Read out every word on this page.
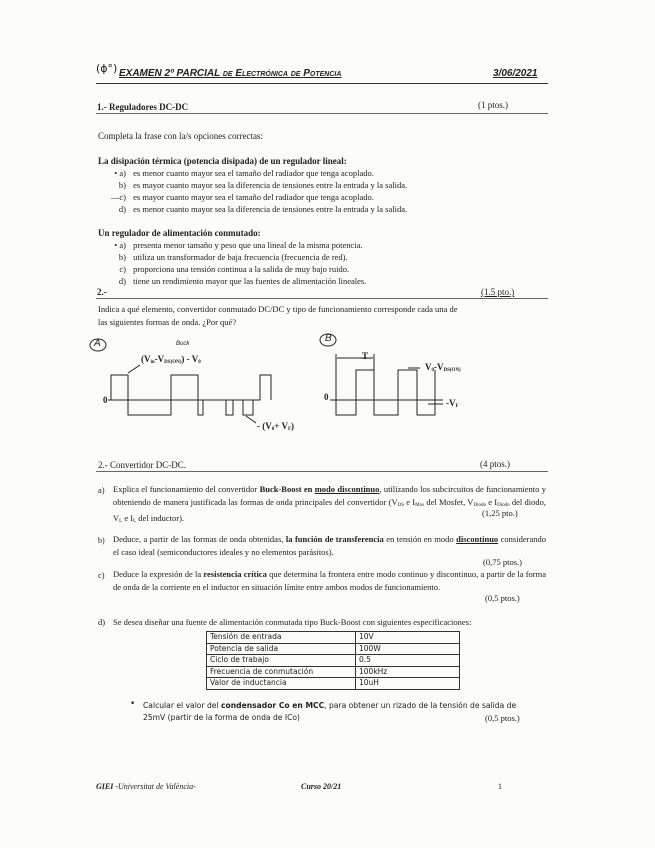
(ϕ°) EXAMEN 2º PARCIAL de Electrónica de Potencia	3/06/2021
1.- Reguladores DC-DC	(1 ptos.)
Completa la frase con la/s opciones correctas:
La disipación térmica (potencia disipada) de un regulador lineal:
• a) es menor cuanto mayor sea el tamaño del radiador que tenga acoplado.
b) es mayor cuanto mayor sea la diferencia de tensiones entre la entrada y la salida.
—c) es mayor cuanto mayor sea el tamaño del radiador que tenga acoplado.
d) es menor cuanto mayor sea la diferencia de tensiones entre la entrada y la salida.
Un regulador de alimentación conmutado:
• a) presenta menor tamaño y peso que una lineal de la misma potencia.
b) utiliza un transformador de baja frecuencia (frecuencia de red).
c) proporciona una tensión continua a la salida de muy bajo ruido.
d) tiene un rendimiento mayor que las fuentes de alimentación lineales.
2.-	(1.5 pto.)
Indica a qué elemento, convertidor conmutado DC/DC y tipo de funcionamiento corresponde cada una de
las siguientes formas de onda. ¿Por qué?
A	Buck
$(V_{in}-V_{DS(ON)}) - V_0$
0
- $(V_0+ V_F)$
B
T
0
$V_0-V_{DS(ON)}$
$-V_F$
2.- Convertidor DC-DC.	(4 ptos.)
a) Explica el funcionamiento del convertidor Buck-Boost en modo discontinuo, utilizando los subcircuitos de funcionamiento y obteniendo de manera justificada las formas de onda principales del convertidor ($V_{DS}$ e $I_{Mos}$ del Mosfet, $V_{Diodo}$ e $I_{Diodo}$ del diodo, $V_L$ e $I_L$ del inductor).
(1,25 pto.)
b) Deduce, a partir de las formas de onda obtenidas, la función de transferencia en tensión en modo discontinuo considerando el caso ideal (semiconductores ideales y no elementos parásitos).
(0,75 ptos.)
c) Deduce la expresión de la resistencia crítica que determina la frontera entre modo continuo y discontinuo, a partir de la forma de onda de la corriente en el inductor en situación límite entre ambos modos de funcionamiento.
(0,5 ptos.)
d) Se desea diseñar una fuente de alimentación conmutada tipo Buck-Boost con siguientes especificaciones:
Tensión de entrada	10V
Potencia de salida	100W
Ciclo de trabajo	0.5
Frecuencia de conmutación	100kHz
Valor de inductancia	10uH
• Calcular el valor del condensador Co en MCC, para obtener un rizado de la tensión de salida de
25mV (partir de la forma de onda de ICo)	(0,5 ptos.)
GIEI -Universitat de València-	Curso 20/21	1
